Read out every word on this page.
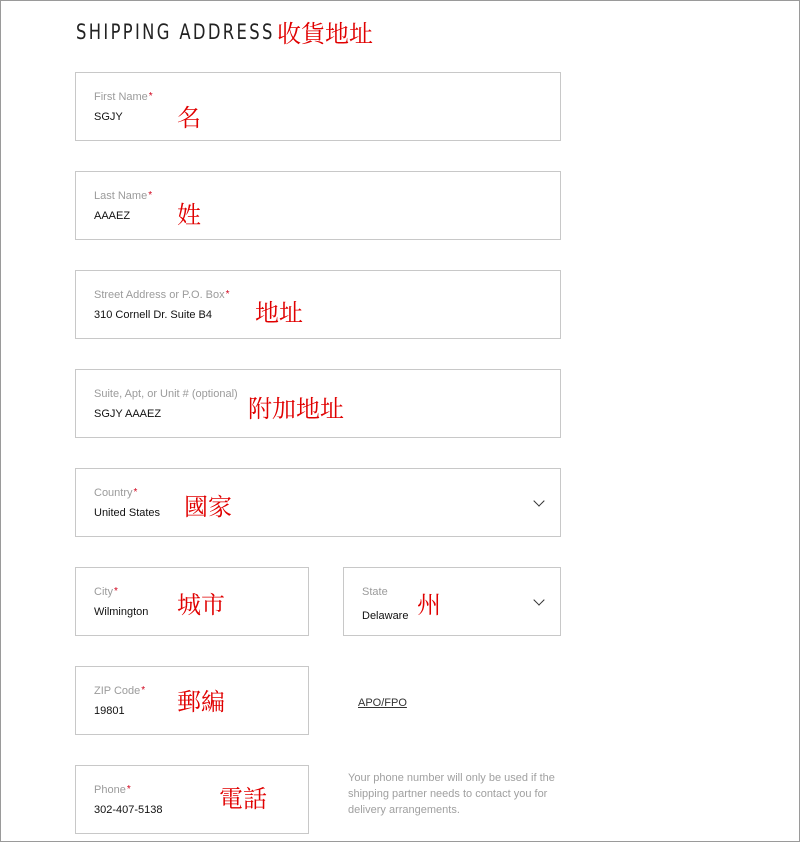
SHIPPING ADDRESS 收貨地址
First Name*
SGJY
名
Last Name*
AAAEZ
姓
Street Address or P.O. Box*
310 Cornell Dr. Suite B4
地址
Suite, Apt, or Unit # (optional)
SGJY AAAEZ
附加地址
Country*
United States 國家
City*
Wilmington 城市	State
Delaware 州
ZIP Code*
19801 郵編	APO/FPO
Phone*
302-407-5138	電話
Your phone number will only be used if the shipping partner needs to contact you for delivery arrangements.
